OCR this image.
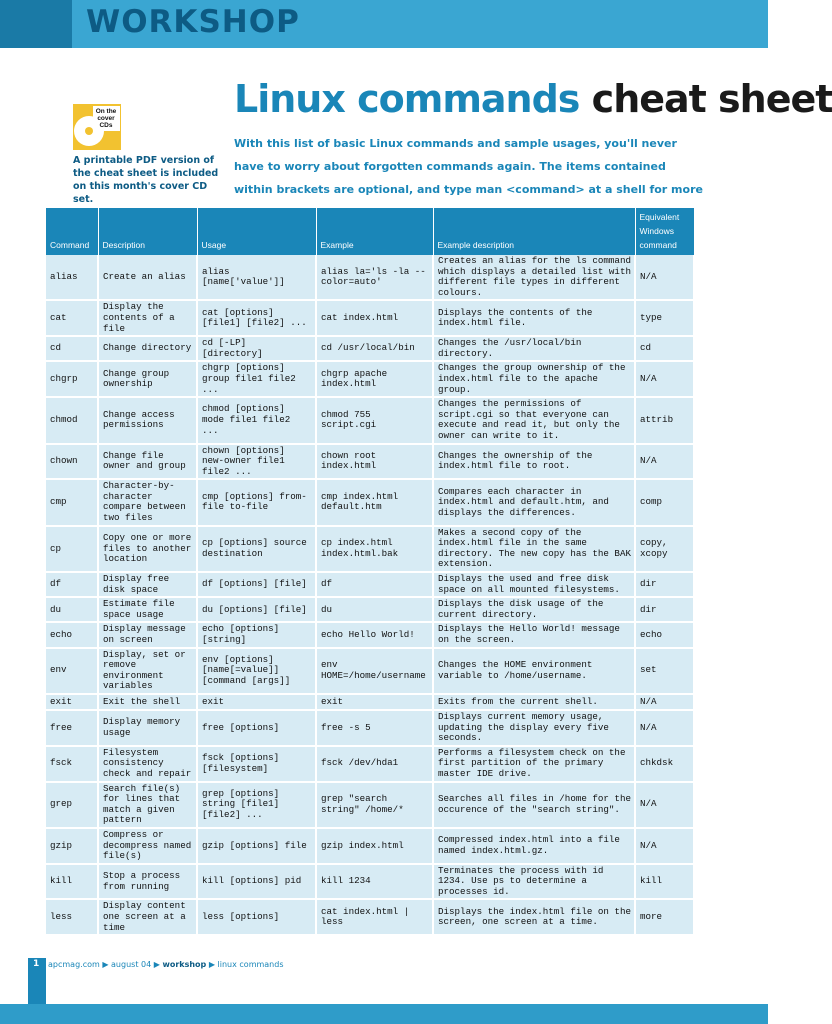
WORKSHOP
Linux commands cheat sheet
With this list of basic Linux commands and sample usages, you'll never have to worry about forgotten commands again. The items contained within brackets are optional, and type man <command> at a shell for more
On the
cover
CDs
A printable PDF version of the cheat sheet is included on this month's cover CD set.
Command	Description	Usage	Example	Example description	Equivalent Windows command
alias	Create an alias	alias [name['value']]	alias la='ls -la --color=auto'	Creates an alias for the ls command which displays a detailed list with different file types in different colours.	N/A
cat	Display the contents of a file	cat [options] [file1] [file2] ...	cat index.html	Displays the contents of the index.html file.	type
cd	Change directory	cd [-LP] [directory]	cd /usr/local/bin	Changes the /usr/local/bin directory.	cd
chgrp	Change group ownership	chgrp [options] group file1 file2 ...	chgrp apache index.html	Changes the group ownership of the index.html file to the apache group.	N/A
chmod	Change access permissions	chmod [options] mode file1 file2 ...	chmod 755 script.cgi	Changes the permissions of script.cgi so that everyone can execute and read it, but only the owner can write to it.	attrib
chown	Change file owner and group	chown [options] new-owner file1 file2 ...	chown root index.html	Changes the ownership of the index.html file to root.	N/A
cmp	Character-by-character compare between two files	cmp [options] from-file to-file	cmp index.html default.htm	Compares each character in index.html and default.htm, and displays the differences.	comp
cp	Copy one or more files to another location	cp [options] source destination	cp index.html index.html.bak	Makes a second copy of the index.html file in the same directory. The new copy has the BAK extension.	copy, xcopy
df	Display free disk space	df [options] [file]	df	Displays the used and free disk space on all mounted filesystems.	dir
du	Estimate file space usage	du [options] [file]	du	Displays the disk usage of the current directory.	dir
echo	Display message on screen	echo [options] [string]	echo Hello World!	Displays the Hello World! message on the screen.	echo
env	Display, set or remove environment variables	env [options] [name[=value]] [command [args]]	env HOME=/home/username	Changes the HOME environment variable to /home/username.	set
exit	Exit the shell	exit	exit	Exits from the current shell.	N/A
free	Display memory usage	free [options]	free -s 5	Displays current memory usage, updating the display every five seconds.	N/A
fsck	Filesystem consistency check and repair	fsck [options] [filesystem]	fsck /dev/hda1	Performs a filesystem check on the first partition of the primary master IDE drive.	chkdsk
grep	Search file(s) for lines that match a given pattern	grep [options] string [file1] [file2] ...	grep "search string" /home/*	Searches all files in /home for the occurence of the "search string".	N/A
gzip	Compress or decompress named file(s)	gzip [options] file	gzip index.html	Compressed index.html into a file named index.html.gz.	N/A
kill	Stop a process from running	kill [options] pid	kill 1234	Terminates the process with id 1234. Use ps to determine a processes id.	kill
less	Display content one screen at a time	less [options]	cat index.html | less	Displays the index.html file on the screen, one screen at a time.	more
1 apcmag.com ▶ august 04 ▶ workshop ▶ linux commands
